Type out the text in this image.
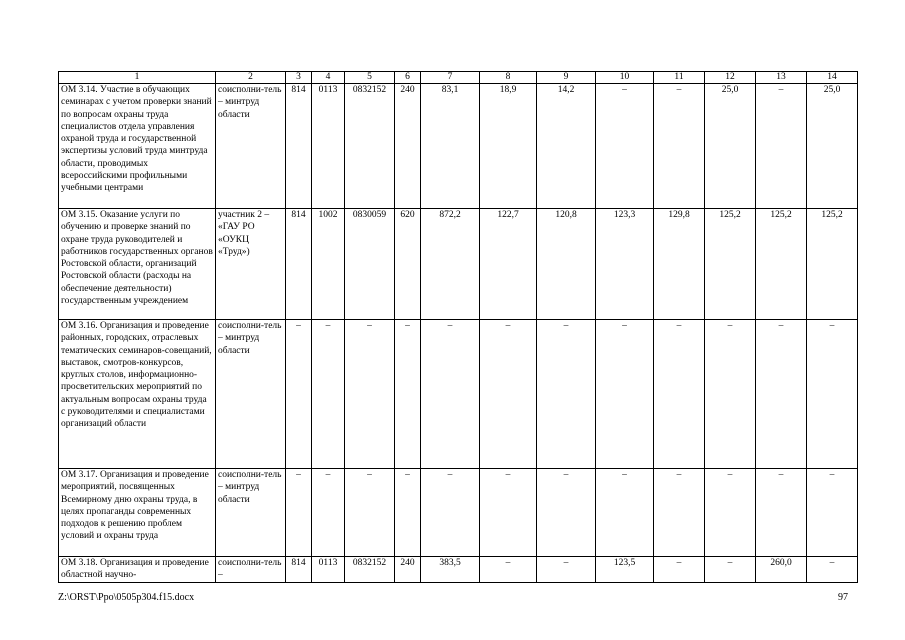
1	2	3	4	5	6	7	8	9	10	11	12	13	14
ОМ 3.14. Участие в обучающих семинарах с учетом проверки знаний по вопросам охраны труда специалистов отдела управления охраной труда и государственной экспертизы условий труда минтруда области, проводимых всероссийскими профильными учебными центрами	соисполни-тель – минтруд области	814	0113	0832152	240	83,1	18,9	14,2	–	–	25,0	–	25,0
ОМ 3.15. Оказание услуги по обучению и проверке знаний по охране труда руководителей и работников государственных органов Ростовской области, организаций Ростовской области (расходы на обеспечение деятельности) государственным учреждением	участник 2 – «ГАУ РО «ОУКЦ «Труд»)	814	1002	0830059	620	872,2	122,7	120,8	123,3	129,8	125,2	125,2	125,2
ОМ 3.16. Организация и проведение районных, городских, отраслевых тематических семинаров-совещаний, выставок, смотров-конкурсов, круглых столов, информационно-просветительских мероприятий по актуальным вопросам охраны труда с руководителями и специалистами организаций области	соисполни-тель – минтруд области	–	–	–	–	–	–	–	–	–	–	–	–
ОМ 3.17. Организация и проведение мероприятий, посвященных Всемирному дню охраны труда, в целях пропаганды современных подходов к решению проблем условий и охраны труда	соисполни-тель – минтруд области	–	–	–	–	–	–	–	–	–	–	–	–
ОМ 3.18. Организация и проведение областной научно-	соисполни-тель –	814	0113	0832152	240	383,5	–	–	123,5	–	–	260,0	–
Z:\ORST\Ppo\0505p304.f15.docx	97
